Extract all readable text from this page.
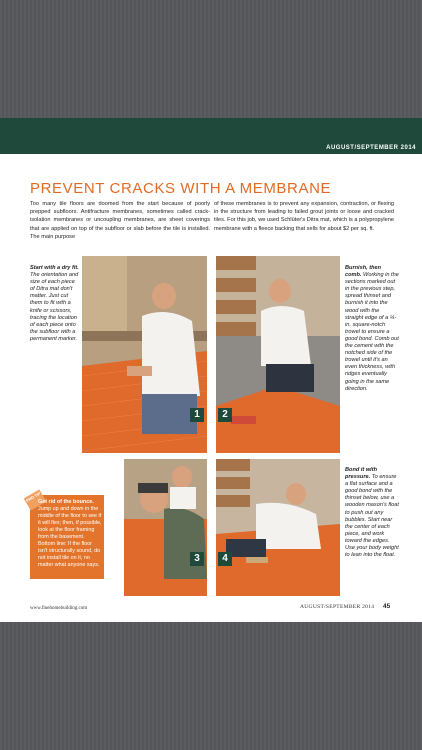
AUGUST/SEPTEMBER 2014
PREVENT CRACKS WITH A MEMBRANE
Too many tile floors are doomed from the start because of poorly prepped subfloors. Antifracture membranes, sometimes called crack-isolation membranes or uncoupling membranes, are sheet coverings that are applied on top of the subfloor or slab before the tile is installed. The main purpose
of these membranes is to prevent any expansion, contraction, or flexing in the structure from leading to failed grout joints or loose and cracked tiles. For this job, we used Schlüter's Ditra mat, which is a polypropylene membrane with a fleece backing that sells for about $2 per sq. ft.
Start with a dry fit. The orientation and size of each piece of Ditra mat don't matter. Just cut them to fit with a knife or scissors, tracing the location of each piece onto the subfloor with a permanent marker.
PRO TIP
Get rid of the bounce. Jump up and down in the middle of the floor to see if it will flex; then, if possible, look at the floor framing from the basement. Bottom line: If the floor isn't structurally sound, do not install tile on it, no matter what anyone says.
1	2
Burnish, then comb. Working in the sections marked out in the previous step, spread thinset and burnish it into the wood with the straight edge of a ¼-in. square-notch trowel to ensure a good bond. Comb out the cement with the notched side of the trowel until it's an even thickness, with ridges eventually going in the same direction.
3	4
Bond it with pressure. To ensure a flat surface and a good bond with the thinset below, use a wooden mason's float to push out any bubbles. Start near the center of each piece, and work toward the edges. Use your body weight to lean into the float.
www.finehomebuilding.com	AUGUST/SEPTEMBER 2014 45
